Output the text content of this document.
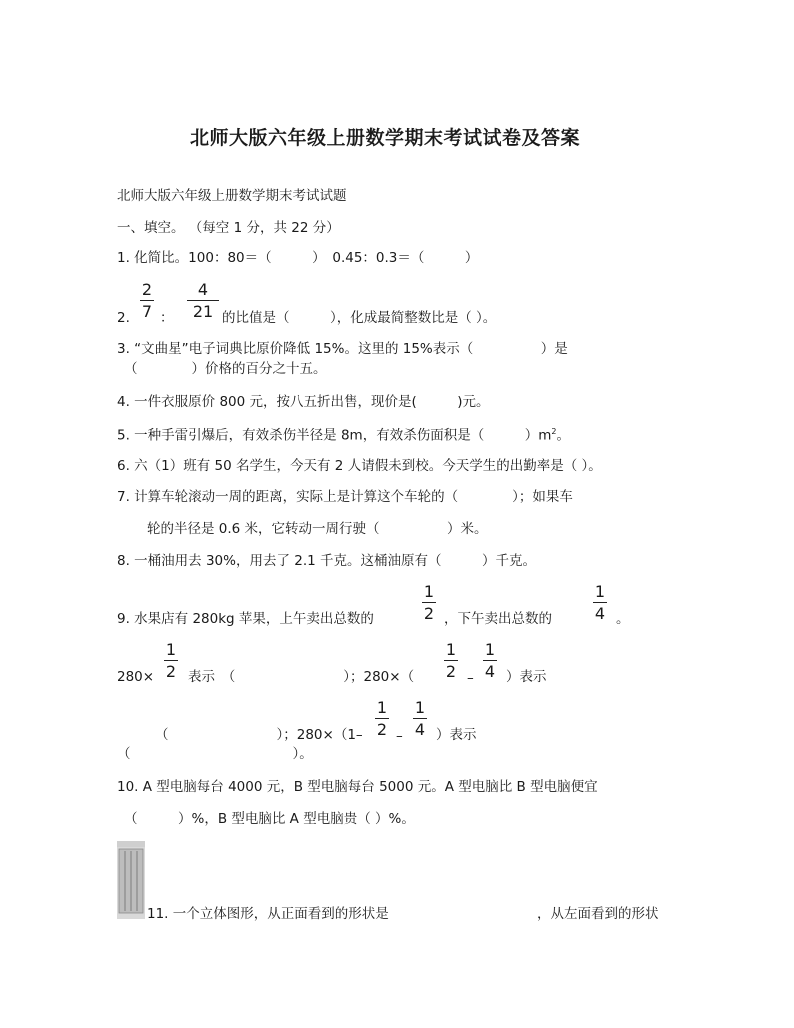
北师大版六年级上册数学期末考试试卷及答案
北师大版六年级上册数学期末考试试题
一、填空。 （每空 1 分，共 22 分）
1. 化简比。100：80＝（　　　）　0.45：0.3＝（　　　）
2.
2
7 ：
4
21 的比值是（　　　），化成最简整数比是（ ）。
3. “文曲星”电子词典比原价降低 15%。这里的 15%表示（　　　　　）是
（　　　　）价格的百分之十五。
4. 一件衣服原价 800 元，按八五折出售，现价是(　　　)元。
5. 一种手雷引爆后，有效杀伤半径是 8m，有效杀伤面积是（　　　）$m^2$。
6. 六（1）班有 50 名学生，今天有 2 人请假未到校。今天学生的出勤率是（ ）。
7. 计算车轮滚动一周的距离，实际上是计算这个车轮的（　　　　）；如果车
轮的半径是 0.6 米，它转动一周行驶（　　　　　）米。
8. 一桶油用去 30%，用去了 2.1 千克。这桶油原有（　　　）千克。
9. 水果店有 280kg 苹果，上午卖出总数的
1
2 ，下午卖出总数的
1
4 。
280×
1
2 表示　（　　　　　　　　）；280×（
1
2 –
1
4 ）表示
（　　　　　　　　）；280×（1–
1
2 –
1
4 ）表示
（　　　　　　　　　　　　）。
10. A 型电脑每台 4000 元，B 型电脑每台 5000 元。A 型电脑比 B 型电脑便宜
（　　　）%，B 型电脑比 A 型电脑贵（ ）%。
11. 一个立体图形，从正面看到的形状是	，从左面看到的形状
